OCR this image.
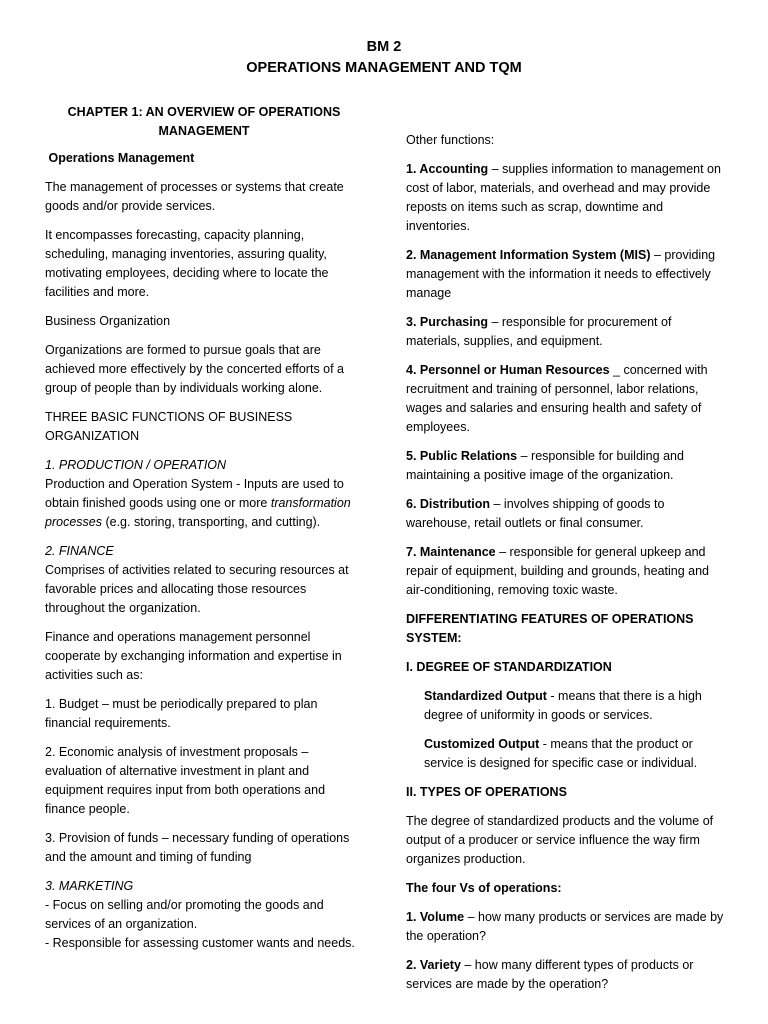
BM 2
OPERATIONS MANAGEMENT AND TQM

CHAPTER 1: AN OVERVIEW OF OPERATIONS MANAGEMENT

Operations Management

The management of processes or systems that create goods and/or provide services.

It encompasses forecasting, capacity planning, scheduling, managing inventories, assuring quality, motivating employees, deciding where to locate the facilities and more.

Business Organization

Organizations are formed to pursue goals that are achieved more effectively by the concerted efforts of a group of people than by individuals working alone.

THREE BASIC FUNCTIONS OF BUSINESS ORGANIZATION

1. PRODUCTION / OPERATION
Production and Operation System - Inputs are used to obtain finished goods using one or more transformation processes (e.g. storing, transporting, and cutting).

2. FINANCE
Comprises of activities related to securing resources at favorable prices and allocating those resources throughout the organization.

Finance and operations management personnel cooperate by exchanging information and expertise in activities such as:

1. Budget – must be periodically prepared to plan financial requirements.

2. Economic analysis of investment proposals – evaluation of alternative investment in plant and equipment requires input from both operations and finance people.

3. Provision of funds – necessary funding of operations and the amount and timing of funding

3. MARKETING
- Focus on selling and/or promoting the goods and services of an organization.
- Responsible for assessing customer wants and needs.

Other functions:

1. Accounting – supplies information to management on cost of labor, materials, and overhead and may provide reposts on items such as scrap, downtime and inventories.

2. Management Information System (MIS) – providing management with the information it needs to effectively manage

3. Purchasing – responsible for procurement of materials, supplies, and equipment.

4. Personnel or Human Resources _ concerned with recruitment and training of personnel, labor relations, wages and salaries and ensuring health and safety of employees.

5. Public Relations – responsible for building and maintaining a positive image of the organization.

6. Distribution – involves shipping of goods to warehouse, retail outlets or final consumer.

7. Maintenance – responsible for general upkeep and repair of equipment, building and grounds, heating and air-conditioning, removing toxic waste.

DIFFERENTIATING FEATURES OF OPERATIONS SYSTEM:

I. DEGREE OF STANDARDIZATION

Standardized Output - means that there is a high degree of uniformity in goods or services.

Customized Output - means that the product or service is designed for specific case or individual.

II. TYPES OF OPERATIONS

The degree of standardized products and the volume of output of a producer or service influence the way firm organizes production.

The four Vs of operations:

1. Volume – how many products or services are made by the operation?

2. Variety – how many different types of products or services are made by the operation?
